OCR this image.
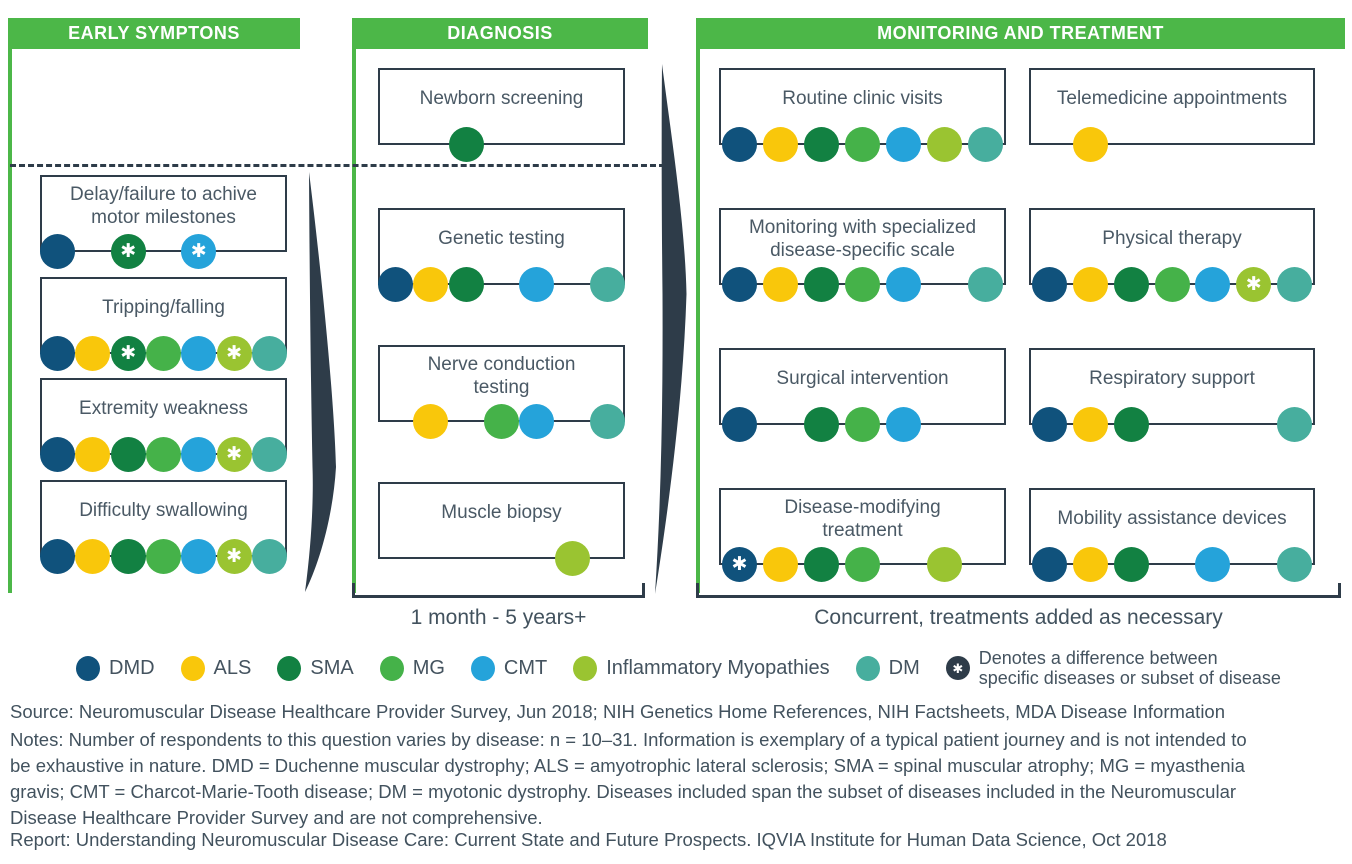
EARLY SYMPTONS	DIAGNOSIS	MONITORING AND TREATMENT
Delay/failure to achive
motor milestones
✱	✱
Tripping/falling
✱	✱
Extremity weakness
✱
Difficulty swallowing
✱
Newborn screening
Genetic testing
Nerve conduction
testing
Muscle biopsy
Routine clinic visits
Monitoring with specialized
disease-specific scale
Surgical intervention
Disease-modifying
treatment
✱
Telemedicine appointments
Physical therapy
✱
Respiratory support
Mobility assistance devices
1 month - 5 years+	Concurrent, treatments added as necessary
DMD	ALS	SMA	MG	CMT	Inflammatory Myopathies	DM	✱ Denotes a difference between
specific diseases or subset of disease
Source: Neuromuscular Disease Healthcare Provider Survey, Jun 2018; NIH Genetics Home References, NIH Factsheets, MDA Disease Information
Notes: Number of respondents to this question varies by disease: n = 10–31. Information is exemplary of a typical patient journey and is not intended to
be exhaustive in nature. DMD = Duchenne muscular dystrophy; ALS = amyotrophic lateral sclerosis; SMA = spinal muscular atrophy; MG = myasthenia
gravis; CMT = Charcot-Marie-Tooth disease; DM = myotonic dystrophy. Diseases included span the subset of diseases included in the Neuromuscular
Disease Healthcare Provider Survey and are not comprehensive.
Report: Understanding Neuromuscular Disease Care: Current State and Future Prospects. IQVIA Institute for Human Data Science, Oct 2018
